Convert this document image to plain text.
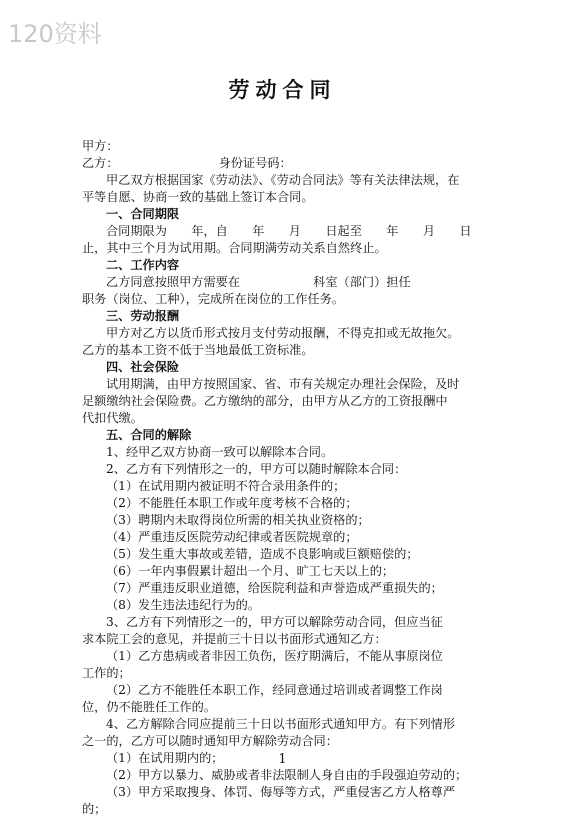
120资料
劳动合同
甲方：
乙方：	身份证号码：
甲乙双方根据国家《劳动法》、《劳动合同法》等有关法律法规，在
平等自愿、协商一致的基础上签订本合同。
一、合同期限
合同期限为　　年，自　　年　　月　　日起至　　年　　月　　日
止，其中三个月为试用期。合同期满劳动关系自然终止。
二、工作内容
乙方同意按照甲方需要在　　　　　　科室（部门）担任
职务（岗位、工种），完成所在岗位的工作任务。
三、劳动报酬
甲方对乙方以货币形式按月支付劳动报酬，不得克扣或无故拖欠。
乙方的基本工资不低于当地最低工资标准。
四、社会保险
试用期满，由甲方按照国家、省、市有关规定办理社会保险，及时
足额缴纳社会保险费。乙方缴纳的部分，由甲方从乙方的工资报酬中
代扣代缴。
五、合同的解除
1、经甲乙双方协商一致可以解除本合同。
2、乙方有下列情形之一的，甲方可以随时解除本合同：
（1）在试用期内被证明不符合录用条件的；
（2）不能胜任本职工作或年度考核不合格的；
（3）聘期内未取得岗位所需的相关执业资格的；
（4）严重违反医院劳动纪律或者医院规章的；
（5）发生重大事故或差错，造成不良影响或巨额赔偿的；
（6）一年内事假累计超出一个月、旷工七天以上的；
（7）严重违反职业道德，给医院利益和声誉造成严重损失的；
（8）发生违法违纪行为的。
3、乙方有下列情形之一的，甲方可以解除劳动合同，但应当征
求本院工会的意见，并提前三十日以书面形式通知乙方：
（1）乙方患病或者非因工负伤，医疗期满后，不能从事原岗位
工作的；
（2）乙方不能胜任本职工作，经同意通过培训或者调整工作岗
位，仍不能胜任工作的。
4、乙方解除合同应提前三十日以书面形式通知甲方。有下列情形
之一的，乙方可以随时通知甲方解除劳动合同：
（1）在试用期内的；
（2）甲方以暴力、威胁或者非法限制人身自由的手段强迫劳动的；
（3）甲方采取搜身、体罚、侮辱等方式，严重侵害乙方人格尊严
的；
1
